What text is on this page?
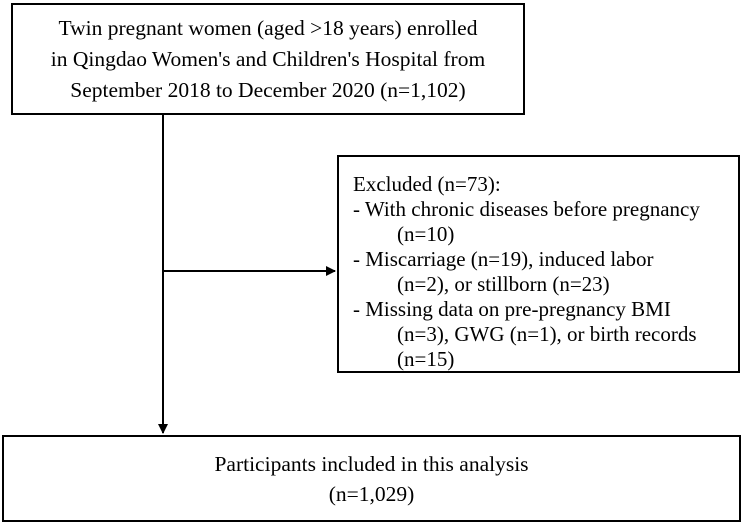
Twin pregnant women (aged >18 years) enrolled
in Qingdao Women's and Children's Hospital from
September 2018 to December 2020 (n=1,102)
Excluded (n=73):
- With chronic diseases before pregnancy
(n=10)
- Miscarriage (n=19), induced labor
(n=2), or stillborn (n=23)
- Missing data on pre-pregnancy BMI
(n=3), GWG (n=1), or birth records
(n=15)
Participants included in this analysis
(n=1,029)
